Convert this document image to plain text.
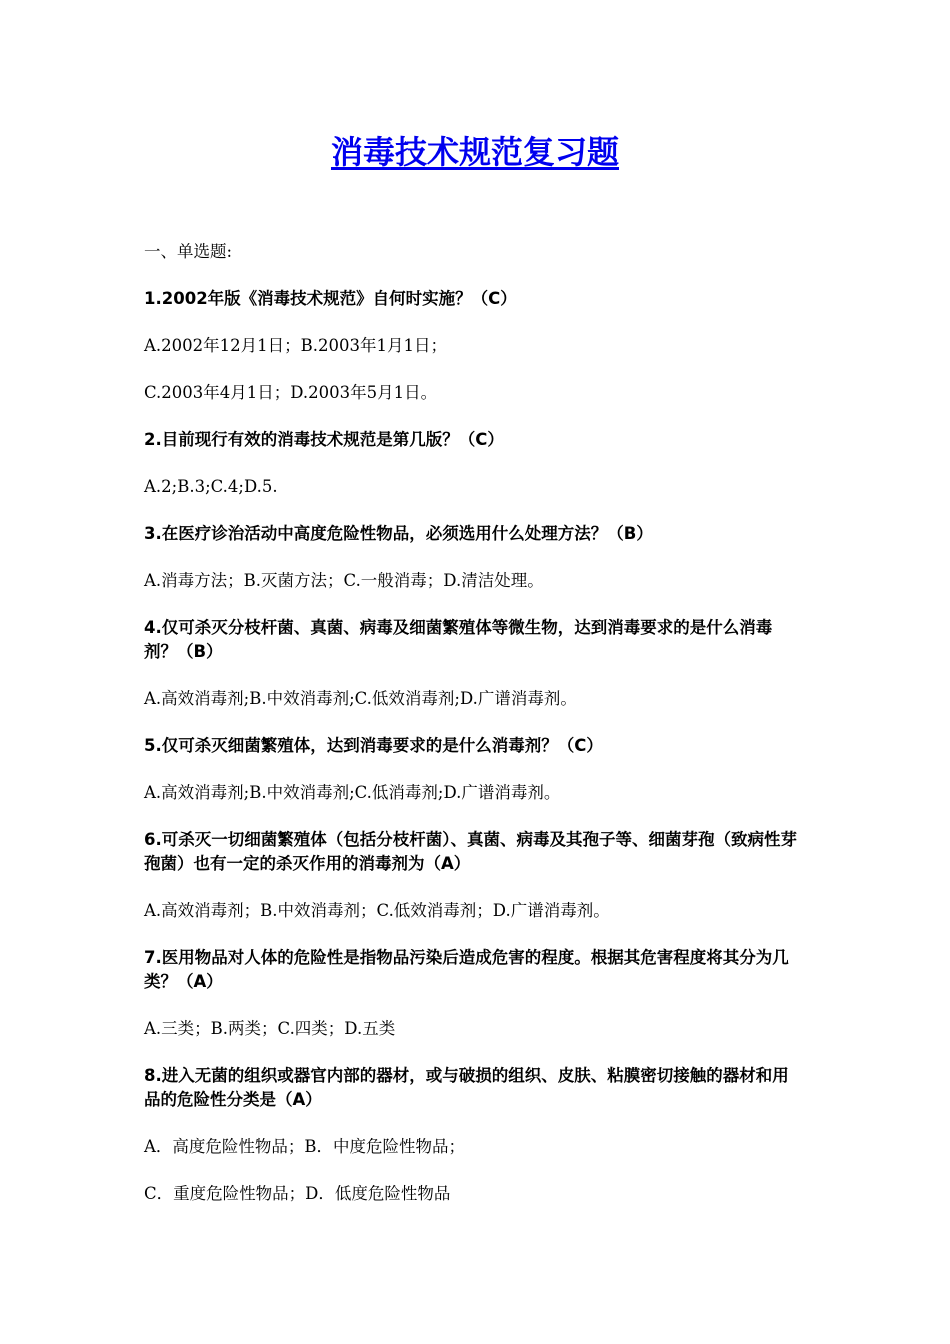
消毒技术规范复习题
一、单选题:
1.2002年版《消毒技术规范》自何时实施？（C）
A.2002年12月1日；B.2003年1月1日；
C.2003年4月1日；D.2003年5月1日。
2.目前现行有效的消毒技术规范是第几版？（C）
A.2;B.3;C.4;D.5.
3.在医疗诊治活动中高度危险性物品，必须选用什么处理方法？（B）
A.消毒方法；B.灭菌方法；C.一般消毒；D.清洁处理。
4.仅可杀灭分枝杆菌、真菌、病毒及细菌繁殖体等微生物，达到消毒要求的是什么消毒剂？（B）
A.高效消毒剂;B.中效消毒剂;C.低效消毒剂;D.广谱消毒剂。
5.仅可杀灭细菌繁殖体，达到消毒要求的是什么消毒剂？（C）
A.高效消毒剂;B.中效消毒剂;C.低消毒剂;D.广谱消毒剂。
6.可杀灭一切细菌繁殖体（包括分枝杆菌）、真菌、病毒及其孢子等、细菌芽孢（致病性芽孢菌）也有一定的杀灭作用的消毒剂为（A）
A.高效消毒剂；B.中效消毒剂；C.低效消毒剂；D.广谱消毒剂。
7.医用物品对人体的危险性是指物品污染后造成危害的程度。根据其危害程度将其分为几类？（A）
A.三类；B.两类；C.四类；D.五类
8.进入无菌的组织或器官内部的器材，或与破损的组织、皮肤、粘膜密切接触的器材和用品的危险性分类是（A）
A．高度危险性物品；B．中度危险性物品；
C．重度危险性物品；D．低度危险性物品
